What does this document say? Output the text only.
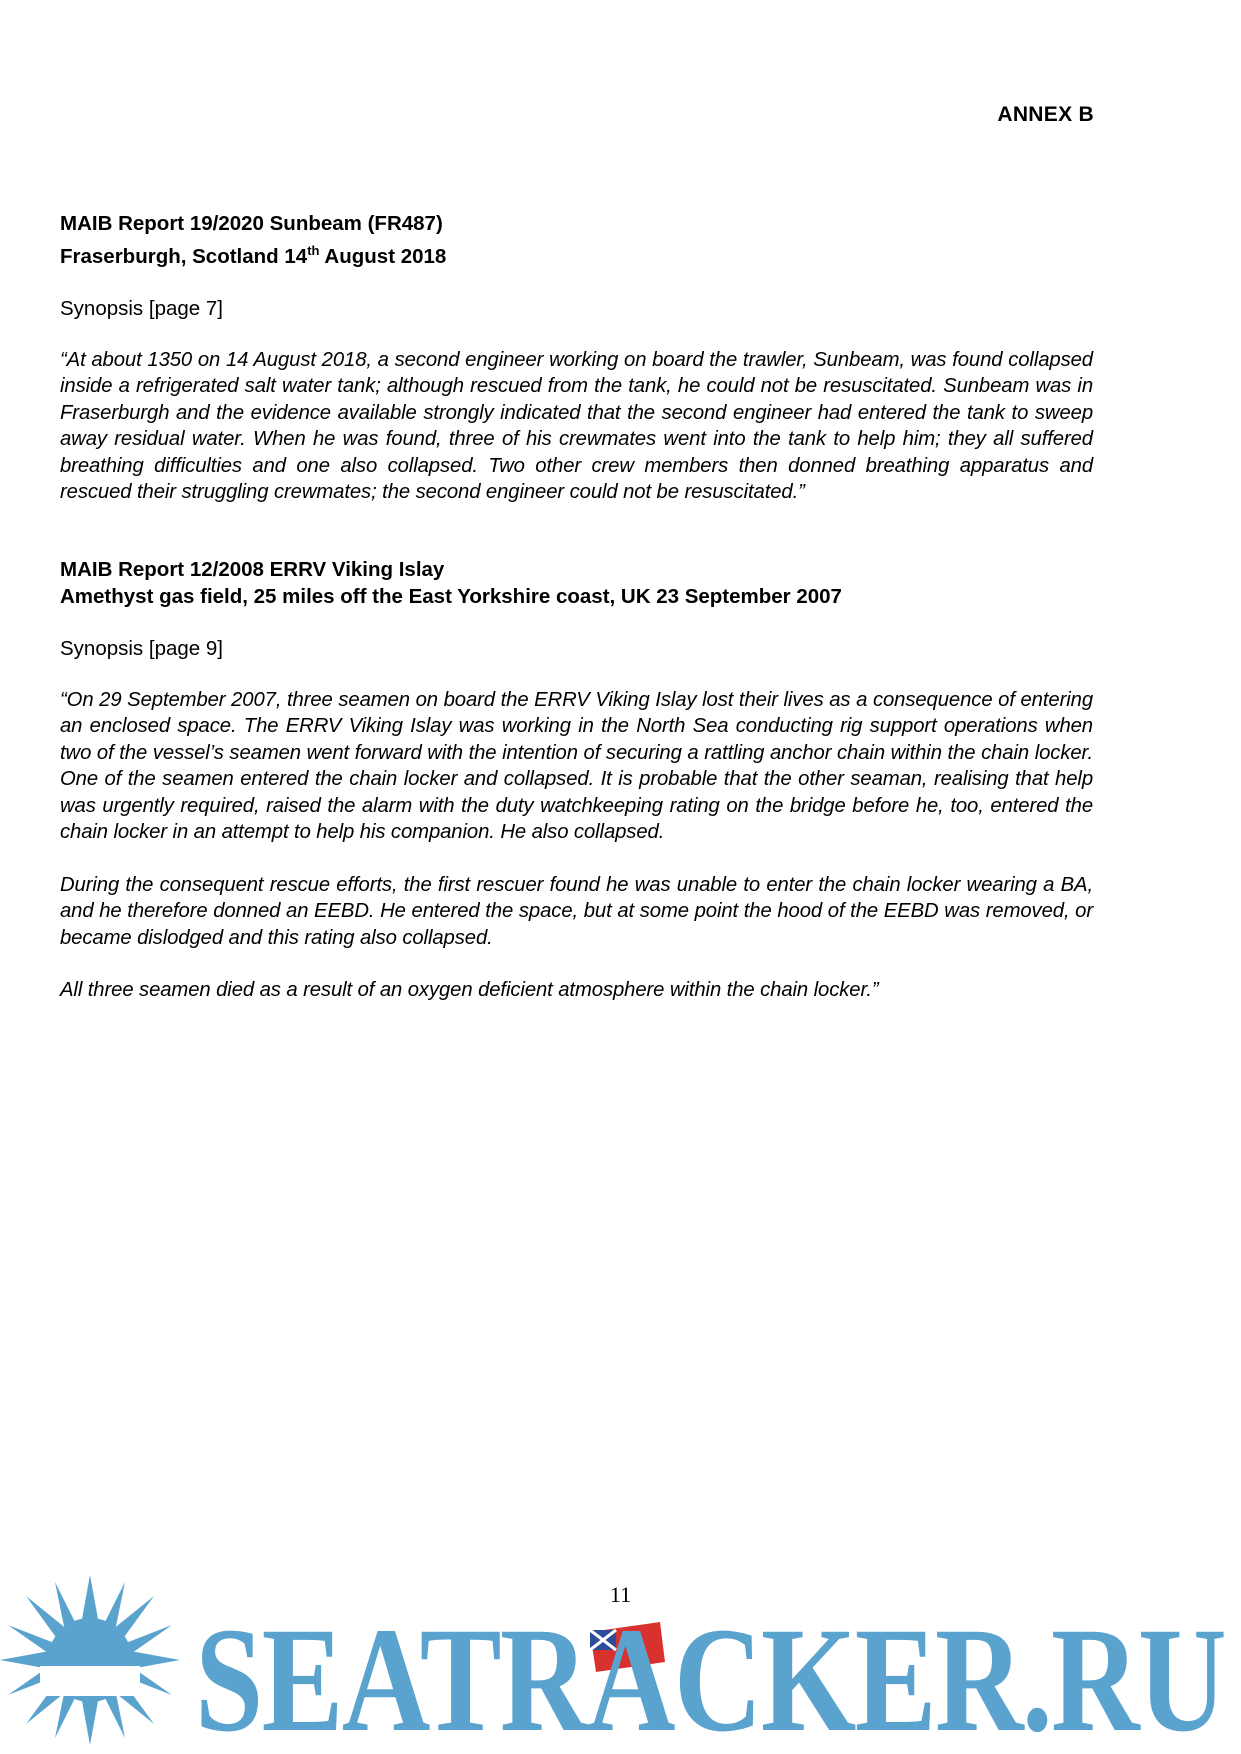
ANNEX B

MAIB Report 19/2020 Sunbeam (FR487)

Fraserburgh, Scotland 14th August 2018

Synopsis [page 7]
“At about 1350 on 14 August 2018, a second engineer working on board the trawler, Sunbeam, was found collapsed inside a refrigerated salt water tank; although rescued from the tank, he could not be resuscitated. Sunbeam was in Fraserburgh and the evidence available strongly indicated that the second engineer had entered the tank to sweep away residual water. When he was found, three of his crewmates went into the tank to help him; they all suffered breathing difficulties and one also collapsed. Two other crew members then donned breathing apparatus and rescued their struggling crewmates; the second engineer could not be resuscitated.”

MAIB Report 12/2008 ERRV Viking Islay

Amethyst gas field, 25 miles off the East Yorkshire coast, UK 23 September 2007

Synopsis [page 9]
“On 29 September 2007, three seamen on board the ERRV Viking Islay lost their lives as a consequence of entering an enclosed space. The ERRV Viking Islay was working in the North Sea conducting rig support operations when two of the vessel’s seamen went forward with the intention of securing a rattling anchor chain within the chain locker. One of the seamen entered the chain locker and collapsed. It is probable that the other seaman, realising that help was urgently required, raised the alarm with the duty watchkeeping rating on the bridge before he, too, entered the chain locker in an attempt to help his companion. He also collapsed.
During the consequent rescue efforts, the first rescuer found he was unable to enter the chain locker wearing a BA, and he therefore donned an EEBD. He entered the space, but at some point the hood of the EEBD was removed, or became dislodged and this rating also collapsed.
All three seamen died as a result of an oxygen deficient atmosphere within the chain locker.”
11
SEATRACKER.RU
